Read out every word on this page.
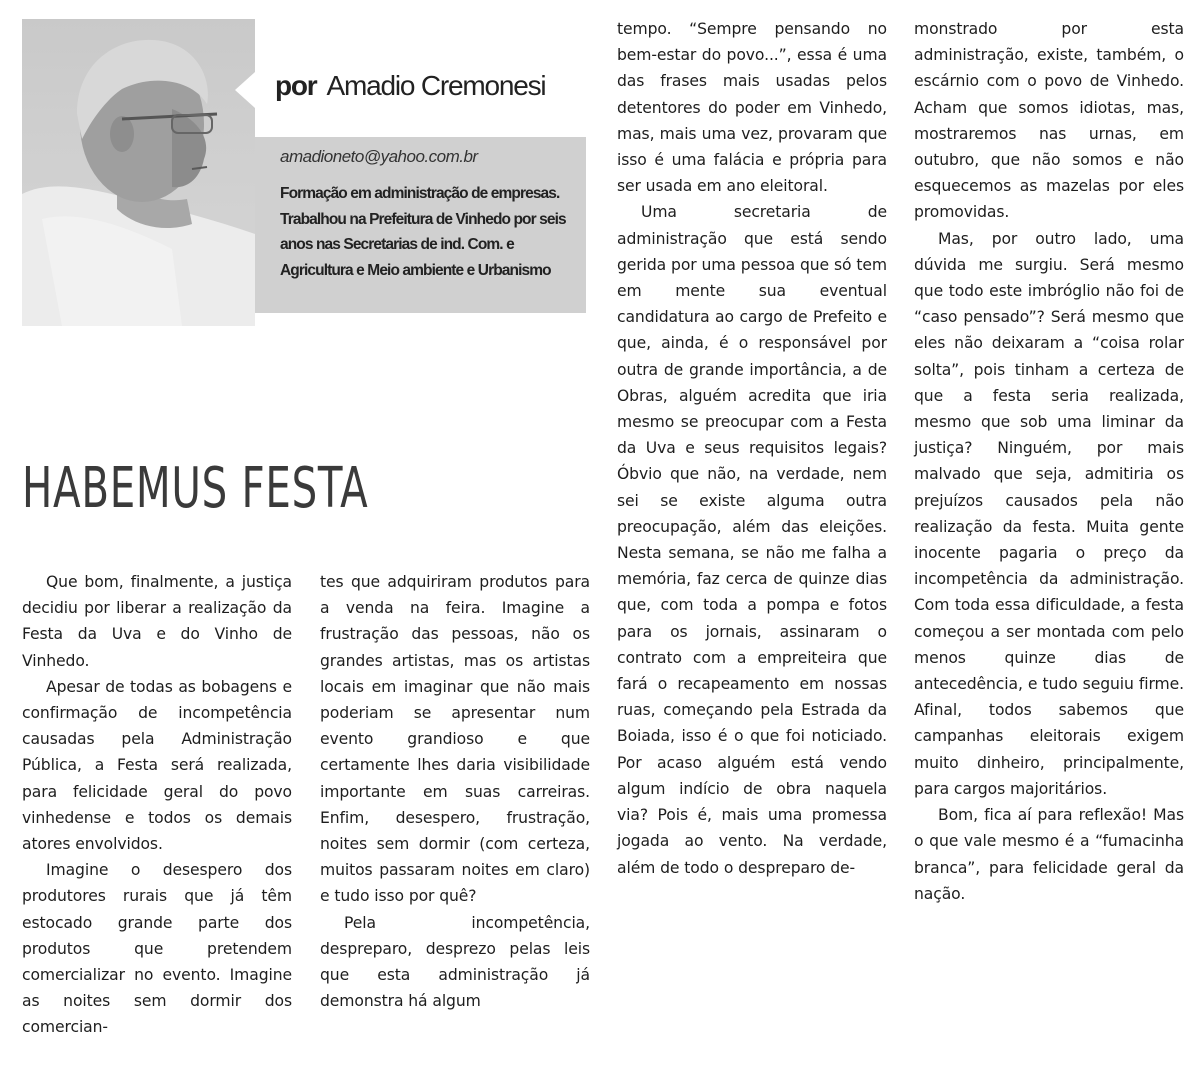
por Amadio Cremonesi
amadioneto@yahoo.com.br
Formação em administração de empresas. Trabalhou na Prefeitura de Vinhedo por seis anos nas Secretarias de ind. Com. e Agricultura e Meio ambiente e Urbanismo
HABEMUS FESTA

Que bom, finalmente, a justiça decidiu por liberar a realização da Festa da Uva e do Vinho de Vinhedo.

Apesar de todas as bobagens e confirmação de incompetência causadas pela Administração Pública, a Festa será realizada, para felicidade geral do povo vinhedense e todos os demais atores envolvidos.

Imagine o desespero dos produtores rurais que já têm estocado grande parte dos produtos que pretendem comercializar no evento. Imagine as noites sem dormir dos comercian-

tes que adquiriram produtos para a venda na feira. Imagine a frustração das pessoas, não os grandes artistas, mas os artistas locais em imaginar que não mais poderiam se apresentar num evento grandioso e que certamente lhes daria visibilidade importante em suas carreiras. Enfim, desespero, frustração, noites sem dormir (com certeza, muitos passaram noites em claro) e tudo isso por quê?

Pela incompetência, despreparo, desprezo pelas leis que esta administração já demonstra há algum

tempo. “Sempre pensando no bem-estar do povo...”, essa é uma das frases mais usadas pelos detentores do poder em Vinhedo, mas, mais uma vez, provaram que isso é uma falácia e própria para ser usada em ano eleitoral.

Uma secretaria de administração que está sendo gerida por uma pessoa que só tem em mente sua eventual candidatura ao cargo de Prefeito e que, ainda, é o responsável por outra de grande importância, a de Obras, alguém acredita que iria mesmo se preocupar com a Festa da Uva e seus requisitos legais? Óbvio que não, na verdade, nem sei se existe alguma outra preocupação, além das eleições. Nesta semana, se não me falha a memória, faz cerca de quinze dias que, com toda a pompa e fotos para os jornais, assinaram o contrato com a empreiteira que fará o recapeamento em nossas ruas, começando pela Estrada da Boiada, isso é o que foi noticiado. Por acaso alguém está vendo algum indício de obra naquela via? Pois é, mais uma promessa jogada ao vento. Na verdade, além de todo o despreparo de-

monstrado por esta administração, existe, também, o escárnio com o povo de Vinhedo. Acham que somos idiotas, mas, mostraremos nas urnas, em outubro, que não somos e não esquecemos as mazelas por eles promovidas.

Mas, por outro lado, uma dúvida me surgiu. Será mesmo que todo este imbróglio não foi de “caso pensado”? Será mesmo que eles não deixaram a “coisa rolar solta”, pois tinham a certeza de que a festa seria realizada, mesmo que sob uma liminar da justiça? Ninguém, por mais malvado que seja, admitiria os prejuízos causados pela não realização da festa. Muita gente inocente pagaria o preço da incompetência da administração. Com toda essa dificuldade, a festa começou a ser montada com pelo menos quinze dias de antecedência, e tudo seguiu firme. Afinal, todos sabemos que campanhas eleitorais exigem muito dinheiro, principalmente, para cargos majoritários.

Bom, fica aí para reflexão! Mas o que vale mesmo é a “fumacinha branca”, para felicidade geral da nação.
